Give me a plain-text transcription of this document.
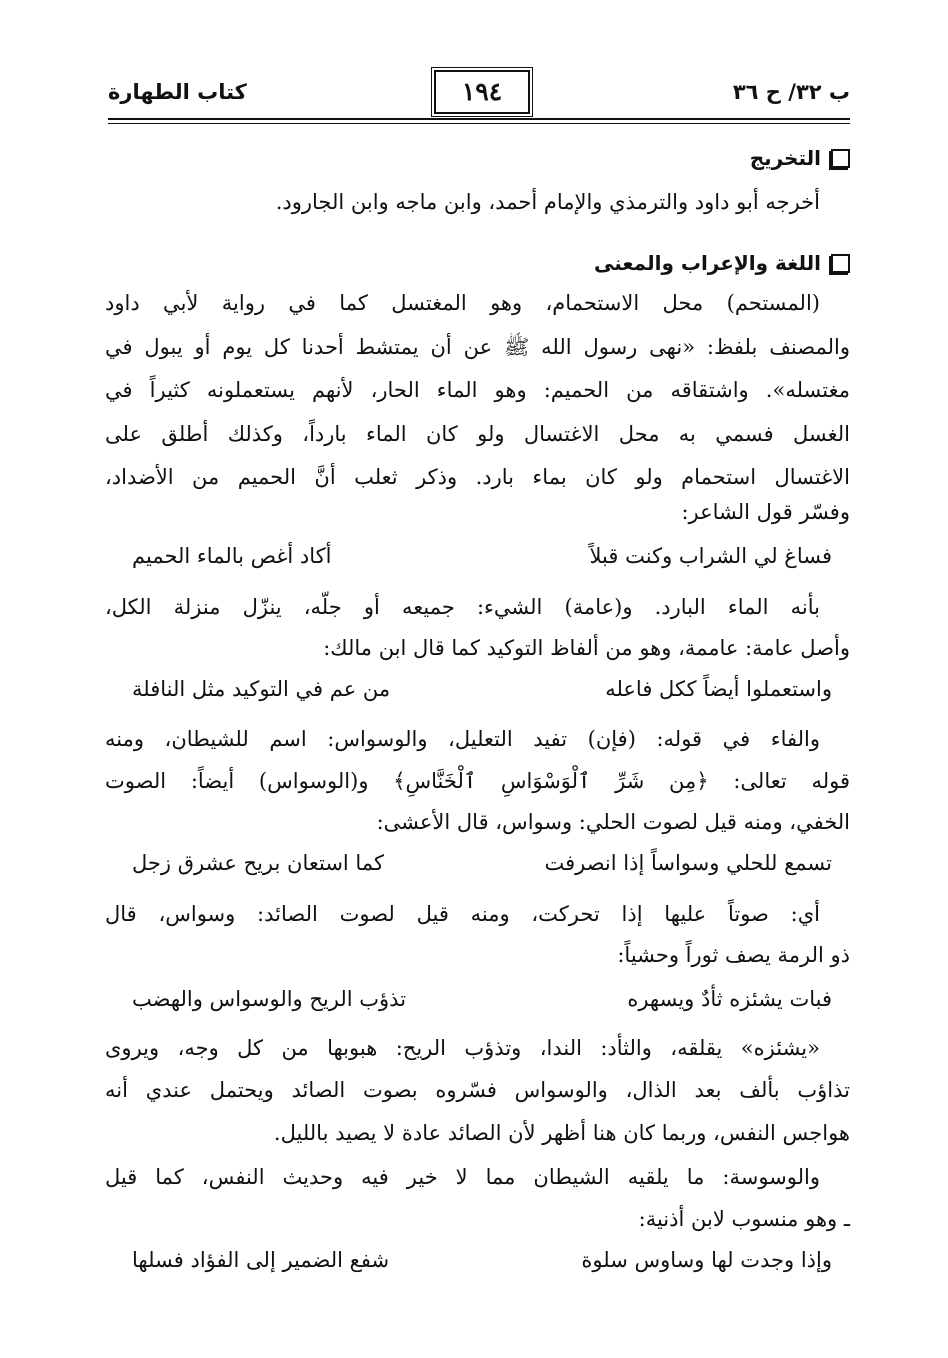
ب ٣٢/ ح ٣٦
١٩٤
كتاب الطهارة
التخريج
أخرجه أبو داود والترمذي والإمام أحمد، وابن ماجه وابن الجارود.
اللغة والإعراب والمعنى
(المستحم) محل الاستحمام، وهو المغتسل كما في رواية لأبي داود
والمصنف بلفظ: «نهى رسول الله ﷺ عن أن يمتشط أحدنا كل يوم أو يبول في
مغتسله». واشتقاقه من الحميم: وهو الماء الحار، لأنهم يستعملونه كثيراً في
الغسل فسمي به محل الاغتسال ولو كان الماء بارداً، وكذلك أطلق على
الاغتسال استحمام ولو كان بماء بارد. وذكر ثعلب أنَّ الحميم من الأضداد،
وفسّر قول الشاعر:
فساغ لي الشراب وكنت قبلاً
أكاد أغص بالماء الحميم
بأنه الماء البارد. و(عامة) الشيء: جميعه أو جلّه، ينزّل منزلة الكل،
وأصل عامة: عاممة، وهو من ألفاظ التوكيد كما قال ابن مالك:
واستعملوا أيضاً ككل فاعله
من عم في التوكيد مثل النافلة
والفاء في قوله: (فإن) تفيد التعليل، والوسواس: اسم للشيطان، ومنه
قوله تعالى: ﴿مِن شَرِّ ٱلْوَسْوَاسِ ٱلْخَنَّاسِ﴾ و(الوسواس) أيضاً: الصوت
الخفي، ومنه قيل لصوت الحلي: وسواس، قال الأعشى:
تسمع للحلي وسواساً إذا انصرفت
كما استعان بريح عشرق زجل
أي: صوتاً عليها إذا تحركت، ومنه قيل لصوت الصائد: وسواس، قال
ذو الرمة يصف ثوراً وحشياً:
فبات يشئزه ثأدٌ ويسهره
تذؤب الريح والوسواس والهضب
«يشئزه» يقلقه، والثأد: الندا، وتذؤب الريح: هبوبها من كل وجه، ويروى
تذاؤب بألف بعد الذال، والوسواس فسّروه بصوت الصائد ويحتمل عندي أنه
هواجس النفس، وربما كان هنا أظهر لأن الصائد عادة لا يصيد بالليل.
والوسوسة: ما يلقيه الشيطان مما لا خير فيه وحديث النفس، كما قيل
ـ وهو منسوب لابن أذنية:
وإذا وجدت لها وساوس سلوة
شفع الضمير إلى الفؤاد فسلها
